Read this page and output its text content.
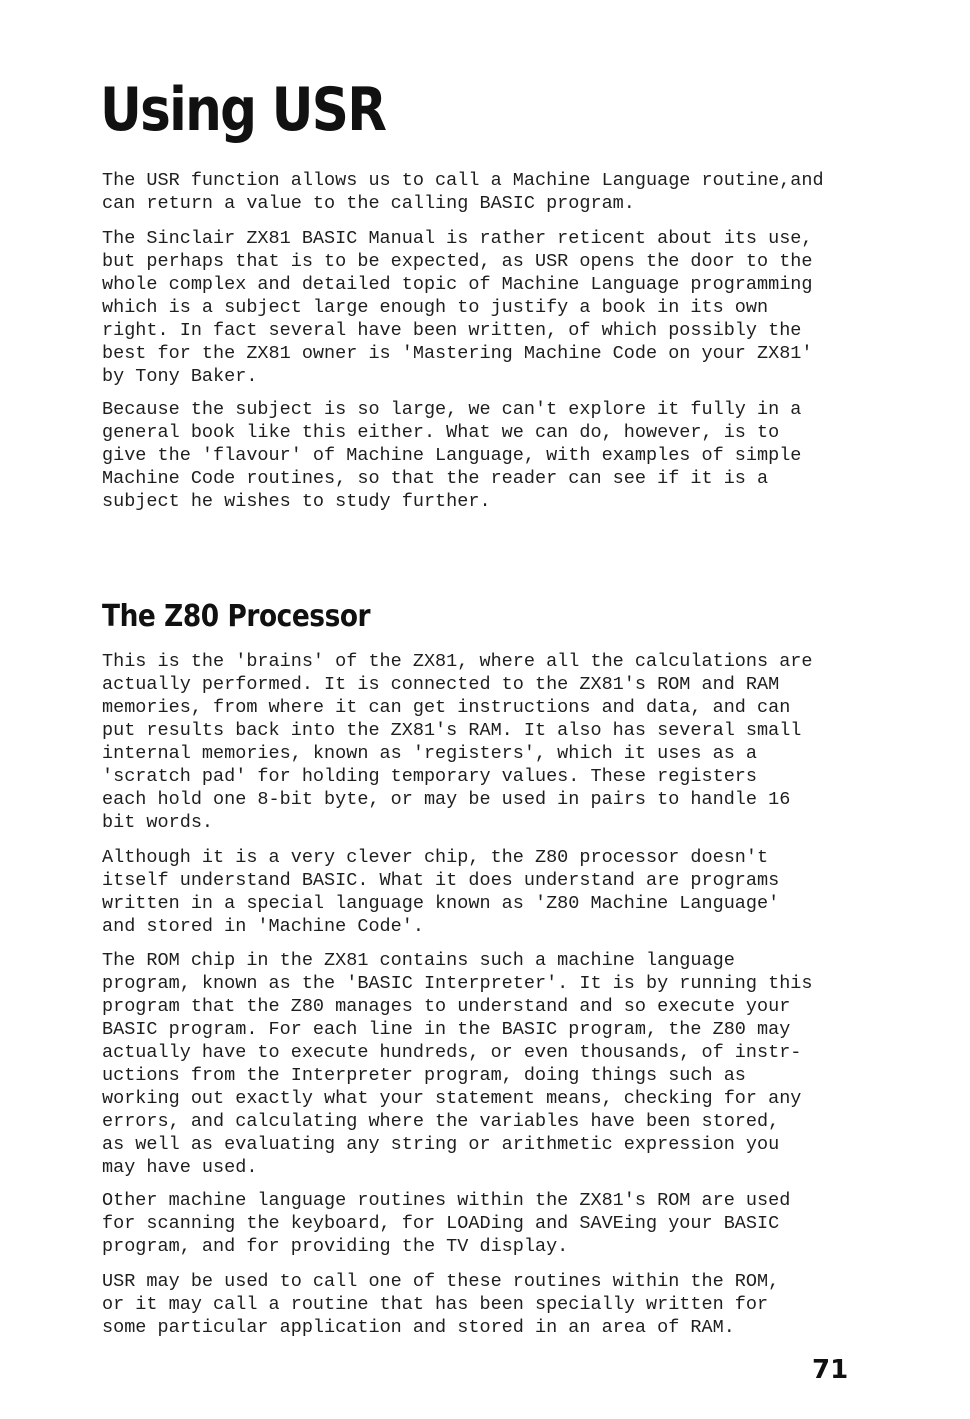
Using USR

The USR function allows us to call a Machine Language routine,and
can return a value to the calling BASIC program.

The Sinclair ZX81 BASIC Manual is rather reticent about its use,
but perhaps that is to be expected, as USR opens the door to the
whole complex and detailed topic of Machine Language programming
which is a subject large enough to justify a book in its own
right. In fact several have been written, of which possibly the
best for the ZX81 owner is 'Mastering Machine Code on your ZX81'
by Tony Baker.

Because the subject is so large, we can't explore it fully in a
general book like this either. What we can do, however, is to
give the 'flavour' of Machine Language, with examples of simple
Machine Code routines, so that the reader can see if it is a
subject he wishes to study further.

The Z80 Processor

This is the 'brains' of the ZX81, where all the calculations are
actually performed. It is connected to the ZX81's ROM and RAM
memories, from where it can get instructions and data, and can
put results back into the ZX81's RAM. It also has several small
internal memories, known as 'registers', which it uses as a
'scratch pad' for holding temporary values. These registers
each hold one 8-bit byte, or may be used in pairs to handle 16
bit words.

Although it is a very clever chip, the Z80 processor doesn't
itself understand BASIC. What it does understand are programs
written in a special language known as 'Z80 Machine Language'
and stored in 'Machine Code'.

The ROM chip in the ZX81 contains such a machine language
program, known as the 'BASIC Interpreter'. It is by running this
program that the Z80 manages to understand and so execute your
BASIC program. For each line in the BASIC program, the Z80 may
actually have to execute hundreds, or even thousands, of instr-
uctions from the Interpreter program, doing things such as
working out exactly what your statement means, checking for any
errors, and calculating where the variables have been stored,
as well as evaluating any string or arithmetic expression you
may have used.

Other machine language routines within the ZX81's ROM are used
for scanning the keyboard, for LOADing and SAVEing your BASIC
program, and for providing the TV display.

USR may be used to call one of these routines within the ROM,
or it may call a routine that has been specially written for
some particular application and stored in an area of RAM.

71
